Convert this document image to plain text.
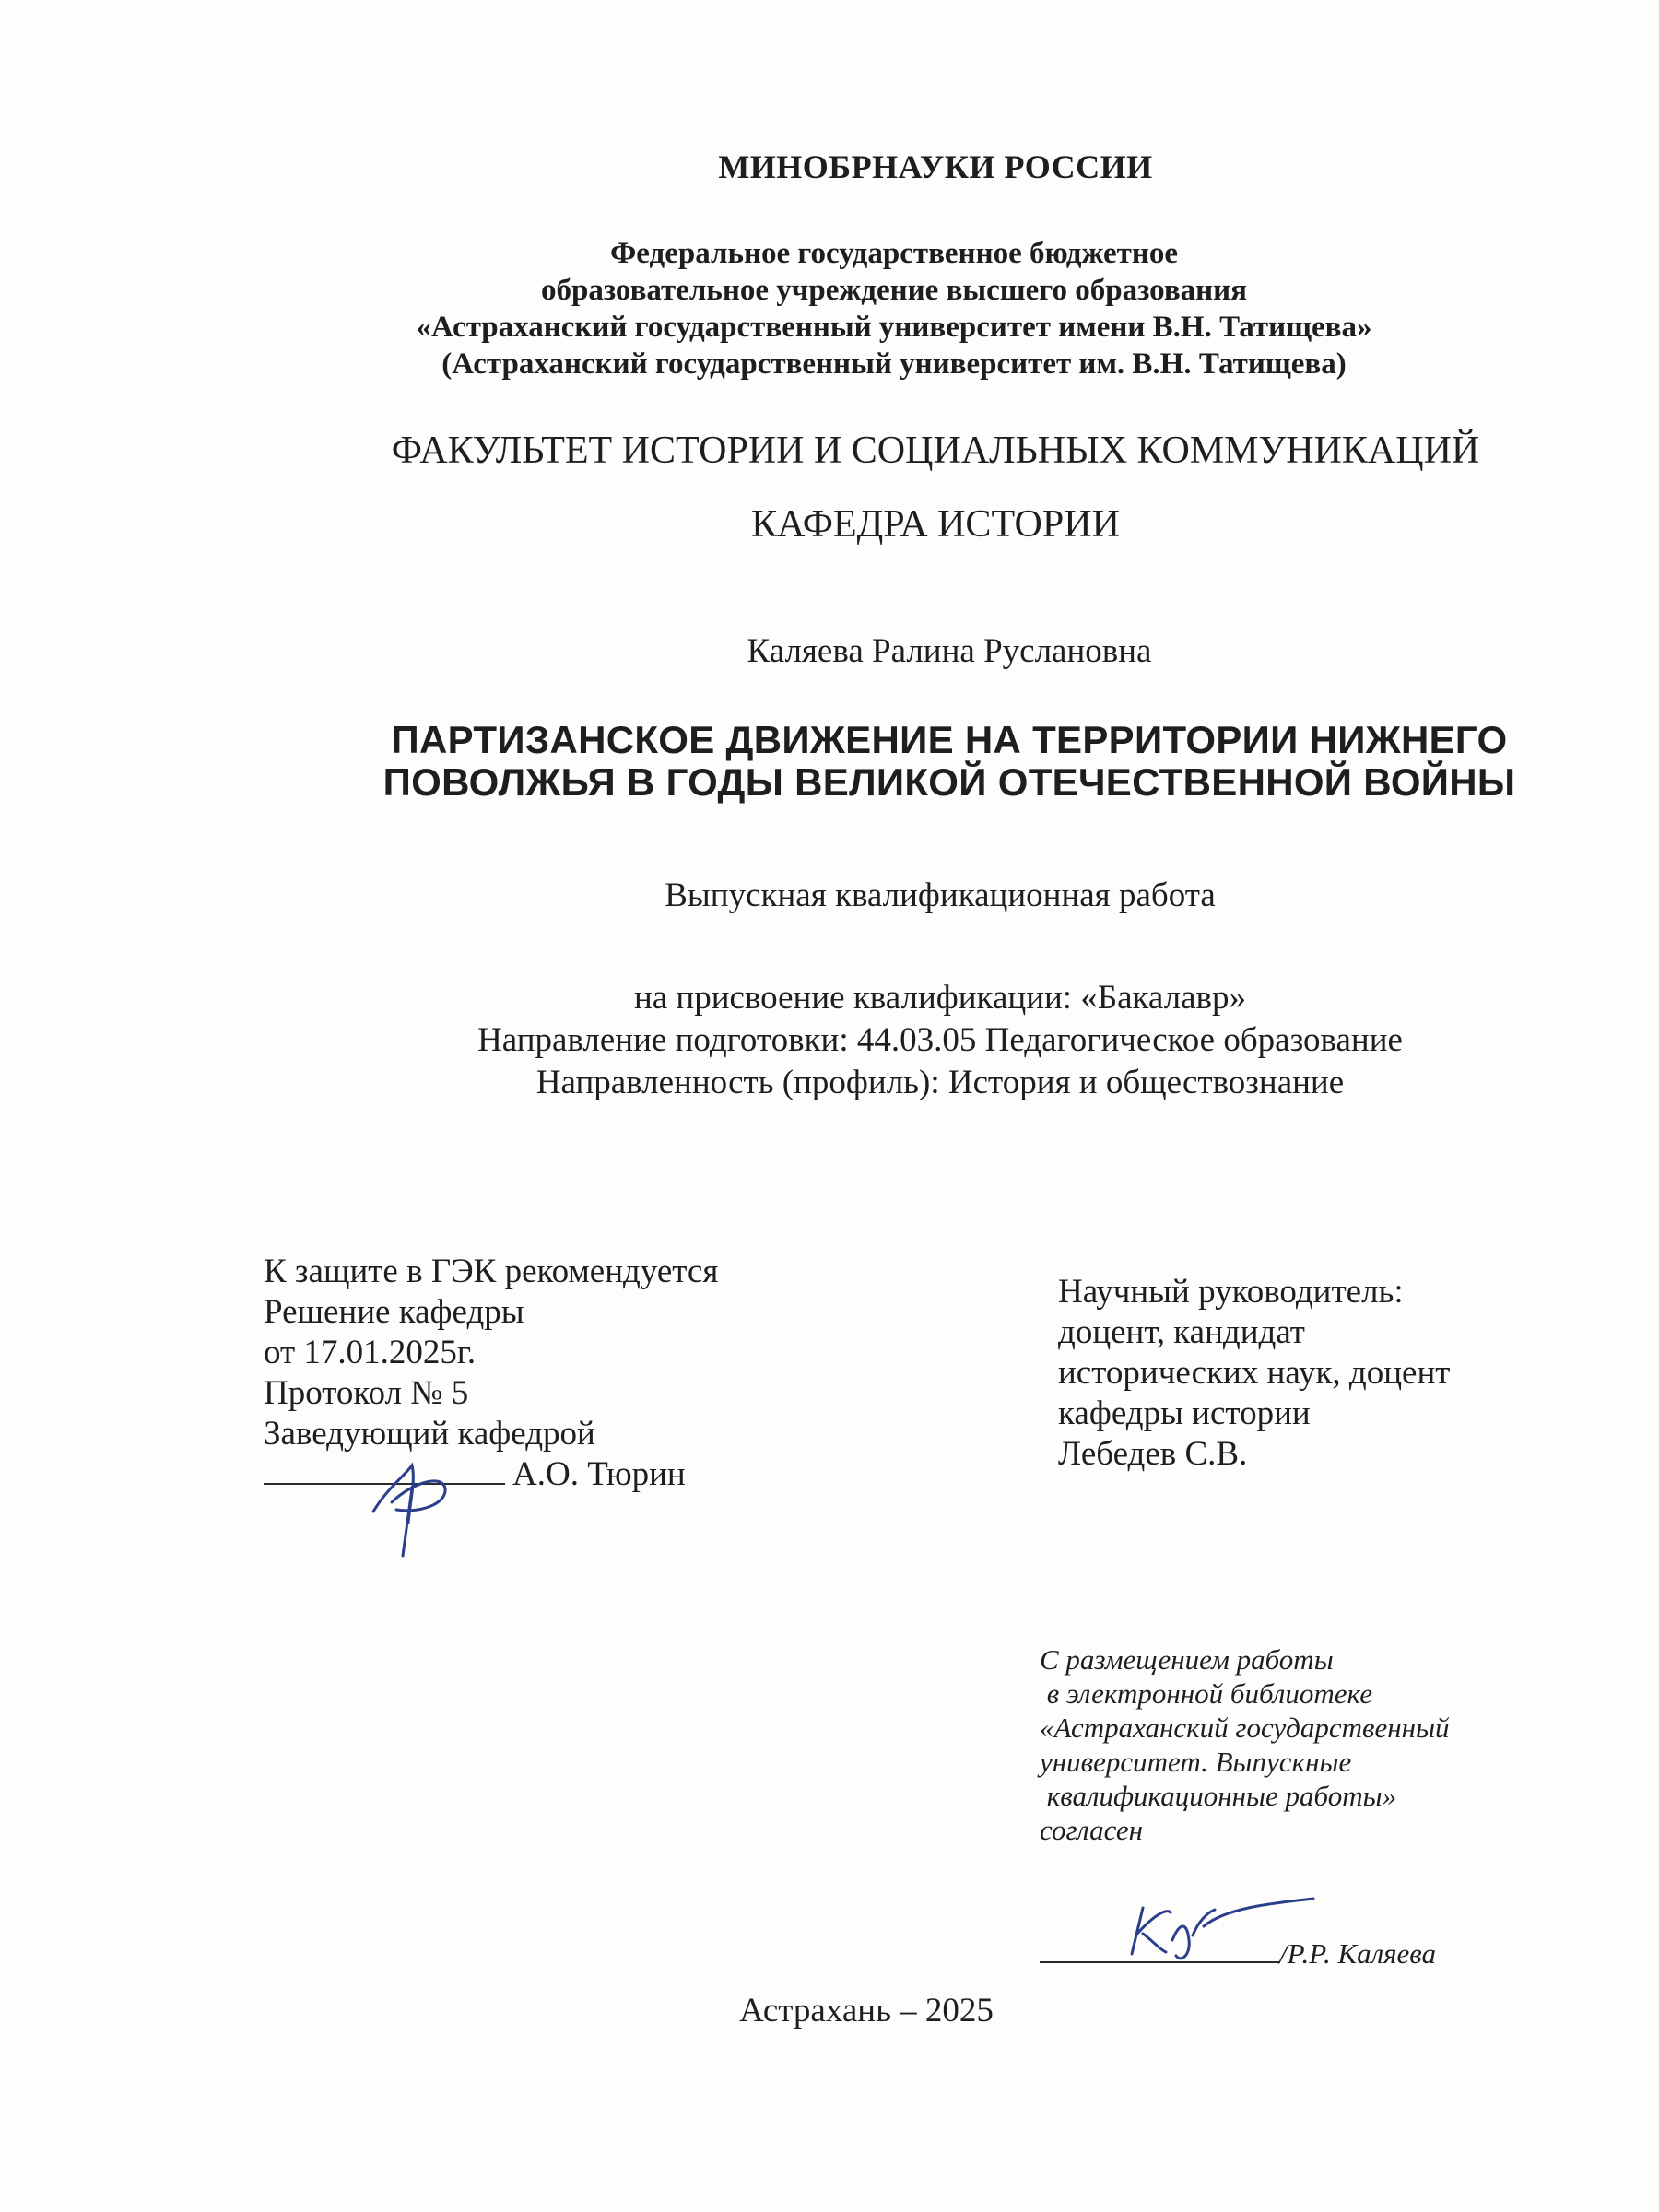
МИНОБРНАУКИ РОССИИ
Федеральное государственное бюджетное
образовательное учреждение высшего образования
«Астраханский государственный университет имени В.Н. Татищева»
(Астраханский государственный университет им. В.Н. Татищева)
ФАКУЛЬТЕТ ИСТОРИИ И СОЦИАЛЬНЫХ КОММУНИКАЦИЙ
КАФЕДРА ИСТОРИИ
Каляева Ралина Руслановна
ПАРТИЗАНСКОЕ ДВИЖЕНИЕ НА ТЕРРИТОРИИ НИЖНЕГО
ПОВОЛЖЬЯ В ГОДЫ ВЕЛИКОЙ ОТЕЧЕСТВЕННОЙ ВОЙНЫ
Выпускная квалификационная работа
на присвоение квалификации: «Бакалавр»
Направление подготовки: 44.03.05 Педагогическое образование
Направленность (профиль): История и обществознание
К защите в ГЭК рекомендуется
Решение кафедры
от 17.01.2025г.
Протокол № 5
Заведующий кафедрой
А.О. Тюрин
Научный руководитель:
доцент, кандидат
исторических наук, доцент
кафедры истории
Лебедев С.В.
С размещением работы
в электронной библиотеке
«Астраханский государственный
университет. Выпускные
квалификационные работы»
согласен
/Р.Р. Каляева
Астрахань – 2025
